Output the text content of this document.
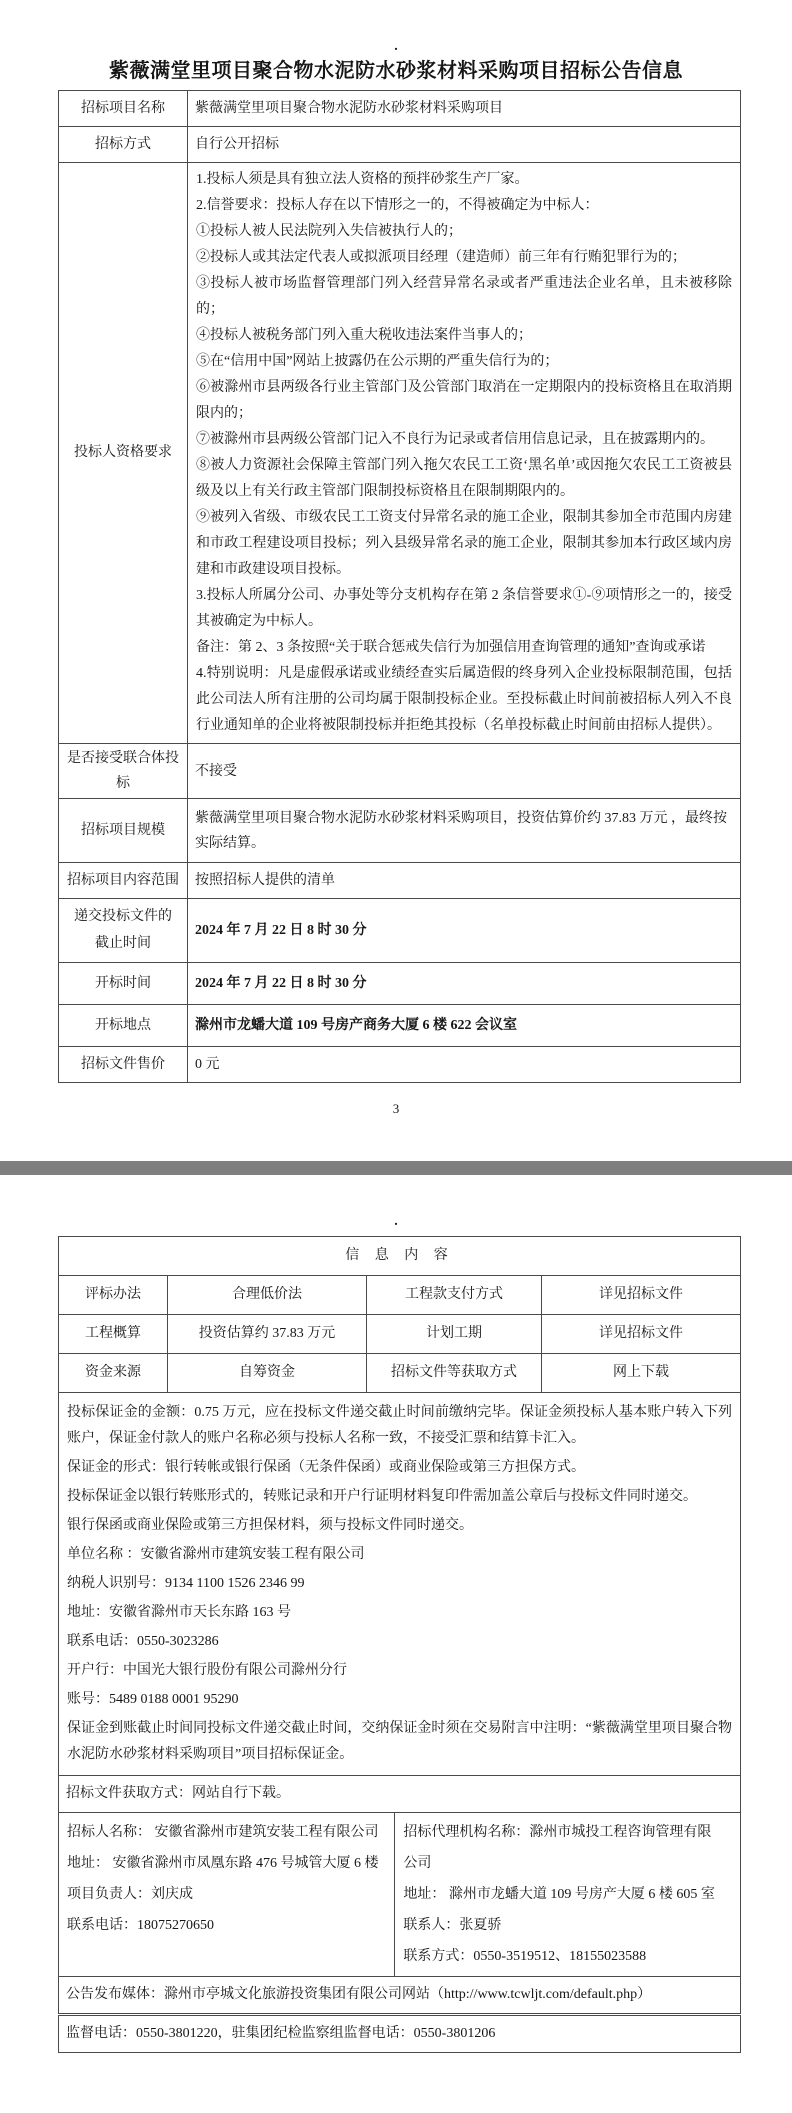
.
紫薇满堂里项目聚合物水泥防水砂浆材料采购项目招标公告信息
招标项目名称	紫薇满堂里项目聚合物水泥防水砂浆材料采购项目
招标方式	自行公开招标
投标人资格要求	

1.投标人须是具有独立法人资格的预拌砂浆生产厂家。

2.信誉要求：投标人存在以下情形之一的，不得被确定为中标人：

①投标人被人民法院列入失信被执行人的；

②投标人或其法定代表人或拟派项目经理（建造师）前三年有行贿犯罪行为的；

③投标人被市场监督管理部门列入经营异常名录或者严重违法企业名单，且未被移除的；

④投标人被税务部门列入重大税收违法案件当事人的；

⑤在“信用中国”网站上披露仍在公示期的严重失信行为的；

⑥被滁州市县两级各行业主管部门及公管部门取消在一定期限内的投标资格且在取消期限内的；

⑦被滁州市县两级公管部门记入不良行为记录或者信用信息记录，且在披露期内的。

⑧被人力资源社会保障主管部门列入拖欠农民工工资‘黑名单’或因拖欠农民工工资被县级及以上有关行政主管部门限制投标资格且在限制期限内的。

⑨被列入省级、市级农民工工资支付异常名录的施工企业，限制其参加全市范围内房建和市政工程建设项目投标；列入县级异常名录的施工企业，限制其参加本行政区域内房建和市政建设项目投标。

3.投标人所属分公司、办事处等分支机构存在第 2 条信誉要求①-⑨项情形之一的，接受其被确定为中标人。

备注：第 2、3 条按照“关于联合惩戒失信行为加强信用查询管理的通知”查询或承诺

4.特别说明：凡是虚假承诺或业绩经查实后属造假的终身列入企业投标限制范围，包括此公司法人所有注册的公司均属于限制投标企业。至投标截止时间前被招标人列入不良行业通知单的企业将被限制投标并拒绝其投标（名单投标截止时间前由招标人提供）。

是否接受联合体投标	不接受
招标项目规模	紫薇满堂里项目聚合物水泥防水砂浆材料采购项目，投资估算价约 37.83 万元 ，最终按实际结算。
招标项目内容范围	按照招标人提供的清单

递交投标文件的
截止时间	2024 年 7 月 22 日 8 时 30 分
开标时间	2024 年 7 月 22 日 8 时 30 分
开标地点	滁州市龙蟠大道 109 号房产商务大厦 6 楼 622 会议室
招标文件售价	0 元
3
.
信 息 内 容			
评标办法	合理低价法	工程款支付方式	详见招标文件
工程概算	投资估算约 37.83 万元	计划工期	详见招标文件
资金来源	自筹资金	招标文件等获取方式	网上下载

投标保证金的金额：0.75 万元，应在投标文件递交截止时间前缴纳完毕。保证金须投标人基本账户转入下列账户，保证金付款人的账户名称必须与投标人名称一致，不接受汇票和结算卡汇入。

保证金的形式：银行转帐或银行保函（无条件保函）或商业保险或第三方担保方式。

投标保证金以银行转账形式的，转账记录和开户行证明材料复印件需加盖公章后与投标文件同时递交。

银行保函或商业保险或第三方担保材料，须与投标文件同时递交。

单位名称 ：安徽省滁州市建筑安装工程有限公司

纳税人识别号：9134 1100 1526 2346 99

地址：安徽省滁州市天长东路 163 号

联系电话：0550-3023286

开户行：中国光大银行股份有限公司滁州分行

账号：5489 0188 0001 95290

保证金到账截止时间同投标文件递交截止时间，交纳保证金时须在交易附言中注明：“紫薇满堂里项目聚合物水泥防水砂浆材料采购项目”项目招标保证金。

招标文件获取方式：网站自行下载。			

招标人名称： 安徽省滁州市建筑安装工程有限公司

地址： 安徽省滁州市凤凰东路 476 号城管大厦 6 楼

项目负责人：刘庆成

联系电话：18075270650

招标代理机构名称：滁州市城投工程咨询管理有限公司

地址： 滁州市龙蟠大道 109 号房产大厦 6 楼 605 室

联系人：张夏骄

联系方式：0550-3519512、18155023588

公告发布媒体：滁州市亭城文化旅游投资集团有限公司网站（http://www.tcwljt.com/default.php）			
监督电话：0550-3801220，驻集团纪检监察组监督电话：0550-3801206			
